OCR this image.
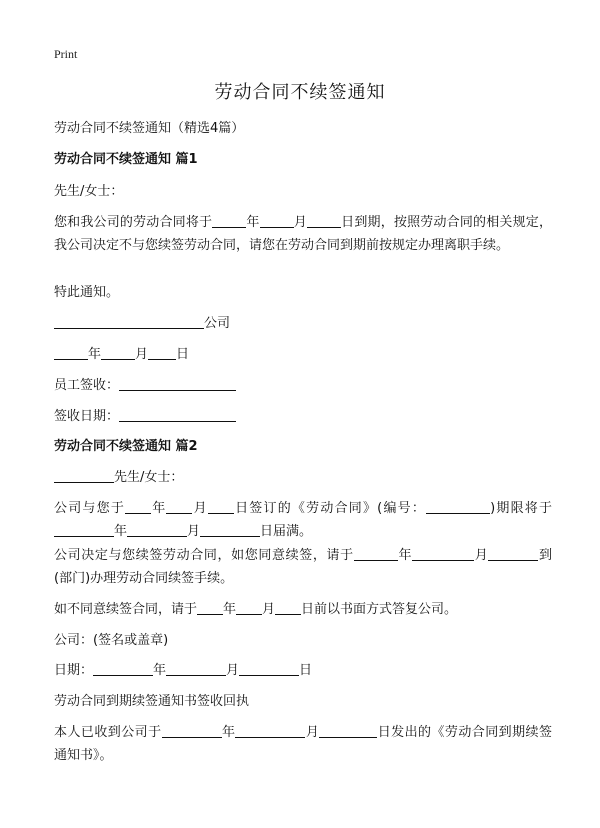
Print
劳动合同不续签通知
劳动合同不续签通知（精选4篇）
劳动合同不续签通知 篇1
先生/女士：
您和我公司的劳动合同将于	年	月	日到期，按照劳动合同的相关规定，我公司决定不与您续签劳动合同，请您在劳动合同到期前按规定办理离职手续。
特此通知。
公司
年	月 日
员工签收：
签收日期：
劳动合同不续签通知 篇2
先生/女士：
公司与您于 年 月 日签订的《劳动合同》(编号：	)期限将于年	月	日届满。
公司决定与您续签劳动合同，如您同意续签，请于	年	月	到(部门)办理劳动合同续签手续。
如不同意续签合同，请于 年 月 日前以书面方式答复公司。
公司：(签名或盖章)
日期：	年	月	日
劳动合同到期续签通知书签收回执
本人已收到公司于	年	月	日发出的《劳动合同到期续签通知书》。
